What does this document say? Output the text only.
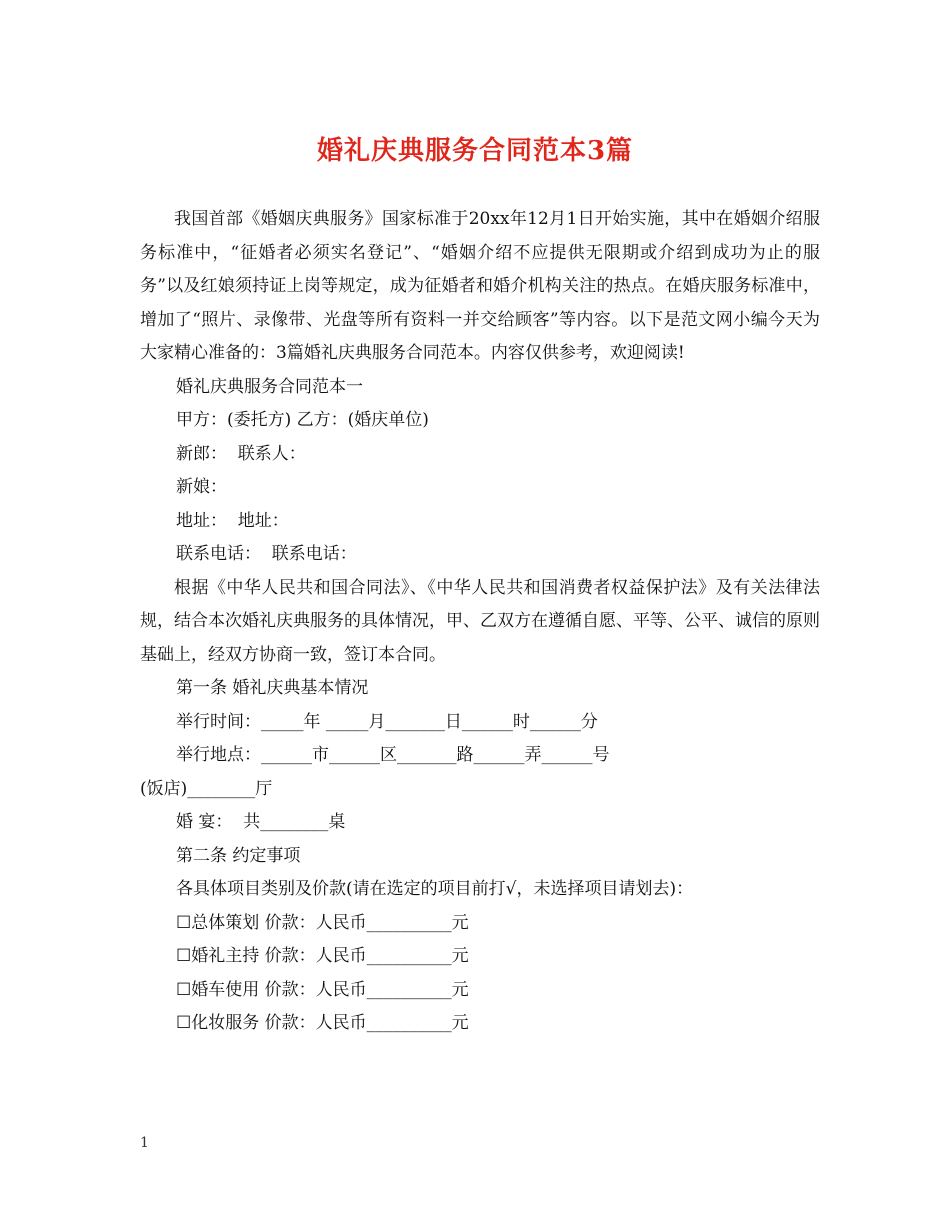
婚礼庆典服务合同范本3篇

我国首部《婚姻庆典服务》国家标准于20xx年12月1日开始实施，其中在婚姻介绍服务标准中，“征婚者必须实名登记”、“婚姻介绍不应提供无限期或介绍到成功为止的服务”以及红娘须持证上岗等规定，成为征婚者和婚介机构关注的热点。在婚庆服务标准中，增加了“照片、录像带、光盘等所有资料一并交给顾客”等内容。以下是范文网小编今天为大家精心准备的：3篇婚礼庆典服务合同范本。内容仅供参考，欢迎阅读!

婚礼庆典服务合同范本一

甲方：(委托方) 乙方：(婚庆单位)

新郎：  联系人：

新娘：

地址：  地址：

联系电话：  联系电话：

根据《中华人民共和国合同法》、《中华人民共和国消费者权益保护法》及有关法律法规，结合本次婚礼庆典服务的具体情况，甲、乙双方在遵循自愿、平等、公平、诚信的原则基础上，经双方协商一致，签订本合同。

第一条 婚礼庆典基本情况

举行时间：_____年 _____月_______日______时______分

举行地点：______市______区_______路______弄______号

(饭店)________厅

婚 宴：  共________桌

第二条 约定事项

各具体项目类别及价款(请在选定的项目前打√，未选择项目请划去)：

☐总体策划 价款：人民币__________元

☐婚礼主持 价款：人民币__________元

☐婚车使用 价款：人民币__________元

☐化妆服务 价款：人民币__________元

1
